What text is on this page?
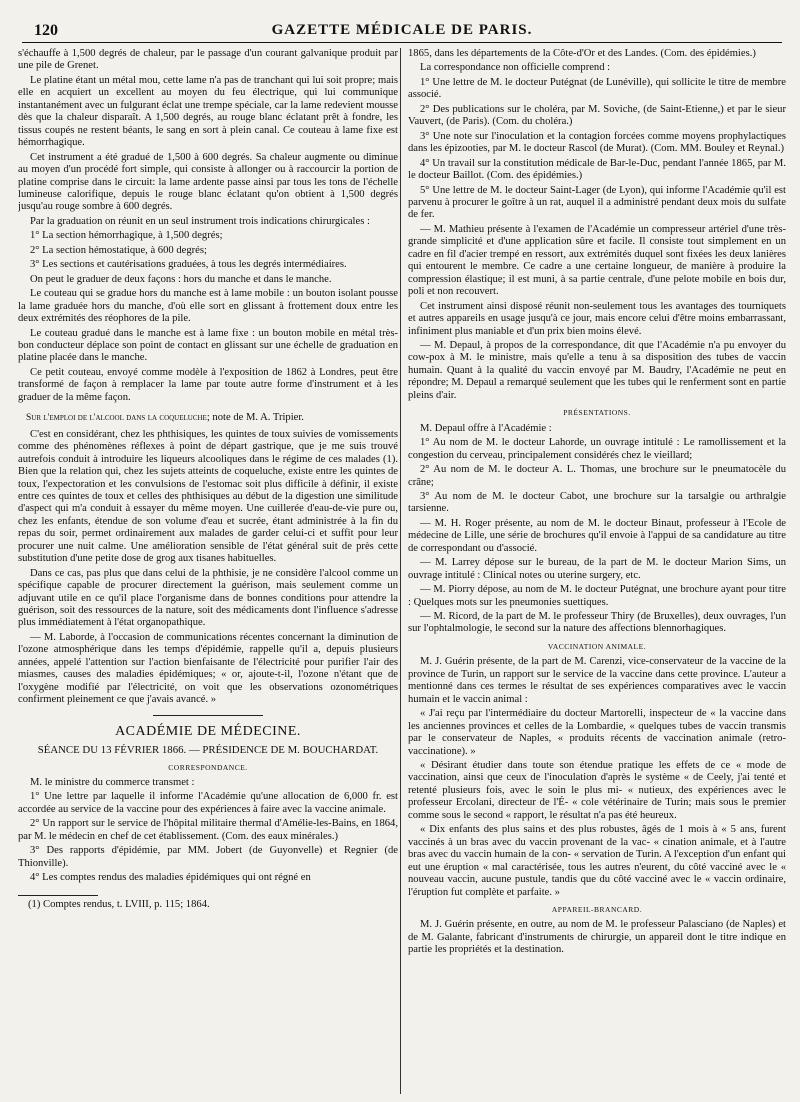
120	GAZETTE MÉDICALE DE PARIS.

s'échauffe à 1,500 degrés de chaleur, par le passage d'un courant galvanique produit par une pile de Grenet.

Le platine étant un métal mou, cette lame n'a pas de tranchant qui lui soit propre; mais elle en acquiert un excellent au moyen du feu électrique, qui lui communique instantanément avec un fulgurant éclat une trempe spéciale, car la lame redevient mousse dès que la chaleur disparaît. A 1,500 degrés, au rouge blanc éclatant prêt à fondre, les tissus coupés ne restent béants, le sang en sort à plein canal. Ce couteau à lame fixe est hémorrhagique.

Cet instrument a été gradué de 1,500 à 600 degrés. Sa chaleur augmente ou diminue au moyen d'un procédé fort simple, qui consiste à allonger ou à raccourcir la portion de platine comprise dans le circuit: la lame ardente passe ainsi par tous les tons de l'échelle lumineuse calorifique, depuis le rouge blanc éclatant qu'on obtient à 1,500 degrés jusqu'au rouge sombre à 600 degrés.

Par la graduation on réunit en un seul instrument trois indications chirurgicales :

1° La section hémorrhagique, à 1,500 degrés;

2° La section hémostatique, à 600 degrés;

3° Les sections et cautérisations graduées, à tous les degrés intermédiaires.

On peut le graduer de deux façons : hors du manche et dans le manche.

Le couteau qui se gradue hors du manche est à lame mobile : un bouton isolant pousse la lame graduée hors du manche, d'où elle sort en glissant à frottement doux entre les deux extrémités des réophores de la pile.

Le couteau gradué dans le manche est à lame fixe : un bouton mobile en métal très-bon conducteur déplace son point de contact en glissant sur une échelle de graduation en platine placée dans le manche.

Ce petit couteau, envoyé comme modèle à l'exposition de 1862 à Londres, peut être transformé de façon à remplacer la lame par toute autre forme d'instrument et à les graduer de la même façon.

Sur l'emploi de l'alcool dans la coqueluche; note de M. A. Tripier.

C'est en considérant, chez les phthisiques, les quintes de toux suivies de vomissements comme des phénomènes réflexes à point de départ gastrique, que je me suis trouvé autrefois conduit à introduire les liqueurs alcooliques dans le régime de ces malades (1). Bien que la relation qui, chez les sujets atteints de coqueluche, existe entre les quintes de toux, l'expectoration et les convulsions de l'estomac soit plus difficile à définir, il existe entre ces quintes de toux et celles des phthisiques au début de la digestion une similitude d'aspect qui m'a conduit à essayer du même moyen. Une cuillerée d'eau-de-vie pure ou, chez les enfants, étendue de son volume d'eau et sucrée, étant administrée à la fin du repas du soir, permet ordinairement aux malades de garder celui-ci et suffit pour leur procurer une nuit calme. Une amélioration sensible de l'état général suit de près cette substitution d'une petite dose de grog aux tisanes habituelles.

Dans ce cas, pas plus que dans celui de la phthisie, je ne considère l'alcool comme un spécifique capable de procurer directement la guérison, mais seulement comme un adjuvant utile en ce qu'il place l'organisme dans de bonnes conditions pour attendre la guérison, soit des ressources de la nature, soit des médicaments dont l'influence s'adresse plus immédiatement à l'état organopathique.

— M. Laborde, à l'occasion de communications récentes concernant la diminution de l'ozone atmosphérique dans les temps d'épidémie, rappelle qu'il a, depuis plusieurs années, appelé l'attention sur l'action bienfaisante de l'électricité pour purifier l'air des miasmes, causes des maladies épidémiques; « or, ajoute-t-il, l'ozone n'étant que de l'oxygène modifié par l'électricité, on voit que les observations ozonométriques confirment pleinement ce que j'avais avancé. »

ACADÉMIE DE MÉDECINE.
SÉANCE DU 13 FÉVRIER 1866. — PRÉSIDENCE DE M. BOUCHARDAT.
CORRESPONDANCE.

M. le ministre du commerce transmet :

1° Une lettre par laquelle il informe l'Académie qu'une allocation de 6,000 fr. est accordée au service de la vaccine pour des expériences à faire avec la vaccine animale.

2° Un rapport sur le service de l'hôpital militaire thermal d'Amélie-les-Bains, en 1864, par M. le médecin en chef de cet établissement. (Com. des eaux minérales.)

3° Des rapports d'épidémie, par MM. Jobert (de Guyonvelle) et Regnier (de Thionville).

4° Les comptes rendus des maladies épidémiques qui ont régné en

(1) Comptes rendus, t. LVIII, p. 115; 1864.

1865, dans les départements de la Côte-d'Or et des Landes. (Com. des épidémies.)

La correspondance non officielle comprend :

1° Une lettre de M. le docteur Putégnat (de Lunéville), qui sollicite le titre de membre associé.

2° Des publications sur le choléra, par M. Soviche, (de Saint-Etienne,) et par le sieur Vauvert, (de Paris). (Com. du choléra.)

3° Une note sur l'inoculation et la contagion forcées comme moyens prophylactiques dans les épizooties, par M. le docteur Rascol (de Murat). (Com. MM. Bouley et Reynal.)

4° Un travail sur la constitution médicale de Bar-le-Duc, pendant l'année 1865, par M. le docteur Baillot. (Com. des épidémies.)

5° Une lettre de M. le docteur Saint-Lager (de Lyon), qui informe l'Académie qu'il est parvenu à procurer le goître à un rat, auquel il a administré pendant deux mois du sulfate de fer.

— M. Mathieu présente à l'examen de l'Académie un compresseur artériel d'une très-grande simplicité et d'une application sûre et facile. Il consiste tout simplement en un cadre en fil d'acier trempé en ressort, aux extrémités duquel sont fixées les deux lanières qui entourent le membre. Ce cadre a une certaine longueur, de manière à produire la compression élastique; il est muni, à sa partie centrale, d'une pelote mobile en bois dur, poli et non recouvert.

Cet instrument ainsi disposé réunit non-seulement tous les avantages des tourniquets et autres appareils en usage jusqu'à ce jour, mais encore celui d'être moins embarrassant, infiniment plus maniable et d'un prix bien moins élevé.

— M. Depaul, à propos de la correspondance, dit que l'Académie n'a pu envoyer du cow-pox à M. le ministre, mais qu'elle a tenu à sa disposition des tubes de vaccin humain. Quant à la qualité du vaccin envoyé par M. Baudry, l'Académie ne peut en répondre; M. Depaul a remarqué seulement que les tubes qui le renferment sont en partie pleins d'air.

PRÉSENTATIONS.

M. Depaul offre à l'Académie :

1° Au nom de M. le docteur Lahorde, un ouvrage intitulé : Le ramollissement et la congestion du cerveau, principalement considérés chez le vieillard;

2° Au nom de M. le docteur A. L. Thomas, une brochure sur le pneumatocèle du crâne;

3° Au nom de M. le docteur Cabot, une brochure sur la tarsalgie ou arthralgie tarsienne.

— M. H. Roger présente, au nom de M. le docteur Binaut, professeur à l'Ecole de médecine de Lille, une série de brochures qu'il envoie à l'appui de sa candidature au titre de correspondant ou d'associé.

— M. Larrey dépose sur le bureau, de la part de M. le docteur Marion Sims, un ouvrage intitulé : Clinical notes ou uterine surgery, etc.

— M. Piorry dépose, au nom de M. le docteur Putégnat, une brochure ayant pour titre : Quelques mots sur les pneumonies suettiques.

— M. Ricord, de la part de M. le professeur Thiry (de Bruxelles), deux ouvrages, l'un sur l'ophtalmologie, le second sur la nature des affections blennorhagiques.

VACCINATION ANIMALE.

M. J. Guérin présente, de la part de M. Carenzi, vice-conservateur de la vaccine de la province de Turin, un rapport sur le service de la vaccine dans cette province. L'auteur a mentionné dans ces termes le résultat de ses expériences comparatives avec le vaccin humain et le vaccin animal :

« J'ai reçu par l'intermédiaire du docteur Martorelli, inspecteur de « la vaccine dans les anciennes provinces et celles de la Lombardie, « quelques tubes de vaccin transmis par le conservateur de Naples, « produits récents de vaccination animale (retro-vaccinatione). »

« Désirant étudier dans toute son étendue pratique les effets de ce « mode de vaccination, ainsi que ceux de l'inoculation d'après le système « de Ceely, j'ai tenté et retenté plusieurs fois, avec le soin le plus mi- « nutieux, des expériences avec le professeur Ercolani, directeur de l'É- « cole vétérinaire de Turin; mais sous le premier comme sous le second « rapport, le résultat n'a pas été heureux.

« Dix enfants des plus sains et des plus robustes, âgés de 1 mois à « 5 ans, furent vaccinés à un bras avec du vaccin provenant de la vac- « cination animale, et à l'autre bras avec du vaccin humain de la con- « servation de Turin. A l'exception d'un enfant qui eut une éruption « mal caractérisée, tous les autres n'eurent, du côté vacciné avec le « nouveau vaccin, aucune pustule, tandis que du côté vacciné avec le « vaccin ordinaire, l'éruption fut complète et parfaite. »

APPAREIL-BRANCARD.

M. J. Guérin présente, en outre, au nom de M. le professeur Palasciano (de Naples) et de M. Galante, fabricant d'instruments de chirurgie, un appareil dont le titre indique en partie les propriétés et la destination.
